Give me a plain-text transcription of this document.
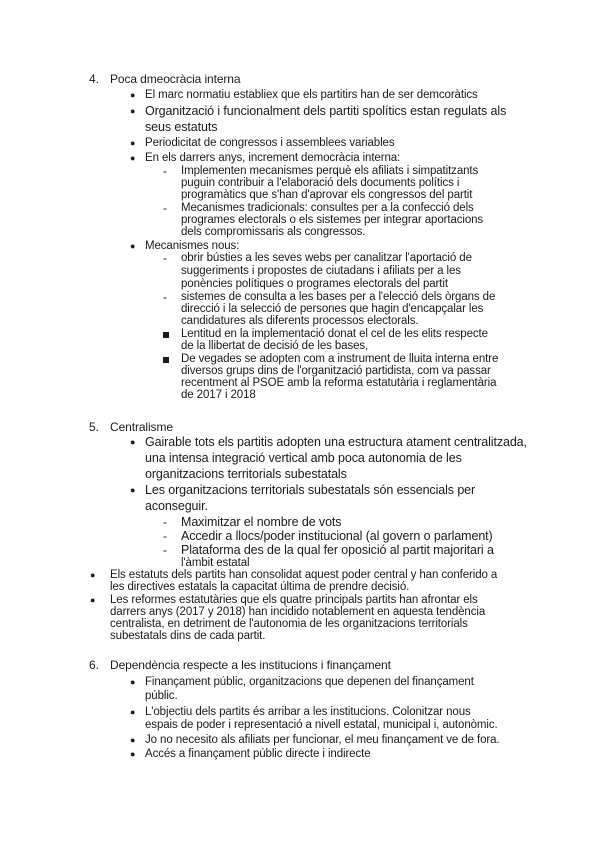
4. Poca dmeocràcia interna
● El marc normatiu establiex que els partitirs han de ser demcoràtics
● Organització i funcionalment dels partiti spolítics estan regulats als
seus estatuts
● Periodicitat de congressos i assemblees variables
● En els darrers anys, increment democràcia interna:
- Implementen mecanismes perquè els afiliats i simpatitzants
puguin contribuir a l'elaboració dels documents polítics i
programàtics que s'han d'aprovar els congressos del partit
- Mecanismes tradicionals: consultes per a la confecció dels
programes electorals o els sistemes per integrar aportacions
dels compromissaris als congressos.
● Mecanismes nous:
- obrir bústies a les seves webs per canalitzar l'aportació de
suggeriments i propostes de ciutadans i afiliats per a les
ponències polítiques o programes electorals del partit
- sistemes de consulta a les bases per a l'elecció dels òrgans de
direcció i la selecció de persones que hagin d'encapçalar les
candidatures als diferents processos electorals.
Lentitud en la implementació donat el cel de les elits respecte
de la llibertat de decisió de les bases,
De vegades se adopten com a instrument de lluita interna entre
diversos grups dins de l'organització partidista, com va passar
recentment al PSOE amb la reforma estatutària i reglamentària
de 2017 i 2018
5. Centralisme
● Gairable tots els partitis adopten una estructura atament centralitzada,
una intensa integració vertical amb poca autonomia de les
organitzacions territorials subestatals
● Les organitzacions territorials subestatals són essencials per
aconseguir.
- Maximitzar el nombre de vots
- Accedir a llocs/poder institucional (al govern o parlament)
- Plataforma des de la qual fer oposició al partit majoritari a
l'àmbit estatal
● Els estatuts dels partits han consolidat aquest poder central y han conferido a
les directives estatals la capacitat última de prendre decisió.
● Les reformes estatutàries que els quatre principals partits han afrontar els
darrers anys (2017 y 2018) han incidido notablement en aquesta tendència
centralista, en detriment de l'autonomia de les organitzacions territorials
subestatals dins de cada partit.
6. Dependència respecte a les institucions i finançament
● Finançament públic, organitzacions que depenen del finançament
públic.
● L'objectiu dels partits és arribar a les institucions. Colonitzar nous
espais de poder i representació a nivell estatal, municipal i, autonòmic.
● Jo no necesito als afiliats per funcionar, el meu finançament ve de fora.
● Accés a finançament públic directe i indirecte
